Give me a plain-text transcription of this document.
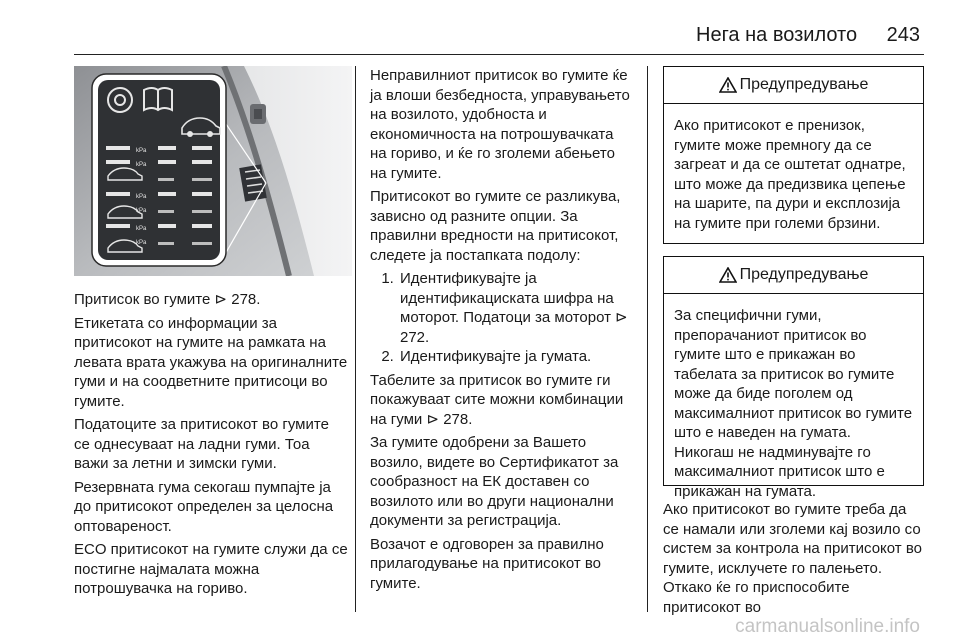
Нега на возилото 243
kPa
kPa
kPa
kPa
kPa
kPa

Притисок во гумите ⊳ 278.

Етикетата со информации за притисокот на гумите на рамката на левата врата укажува на оригиналните гуми и на соодветните притисоци во гумите.

Податоците за притисокот во гумите се однесуваат на ладни гуми. Тоа важи за летни и зимски гуми.

Резервната гума секогаш пумпајте ја до притисокот определен за целосна оптовареност.

ECO притисокот на гумите служи да се постигне најмалата можна потрошувачка на гориво.

Неправилниот притисок во гумите ќе ја влоши безбедноста, управувањето на возилото, удобноста и економичноста на потрошувачката на гориво, и ќе го зголеми абењето на гумите.

Притисокот во гумите се разликува, зависно од разните опции. За правилни вредности на притисокот, следете ја постапката подолу:

1. Идентификувајте ја идентификациската шифра на моторот. Податоци за моторот ⊳ 272.
2. Идентификувајте ја гумата.

Табелите за притисок во гумите ги покажуваат сите можни комбинации на гуми ⊳ 278.

За гумите одобрени за Вашето возило, видете во Сертификатот за сообразност на ЕК доставен со возилото или во други национални документи за регистрација.

Возачот е одговорен за правилно прилагодување на притисокот во гумите.

Предупредување
Ако притисокот е пренизок, гумите може премногу да се загреат и да се оштетат однатре, што може да предизвика цепење на шарите, па дури и експлозија на гумите при големи брзини.
Предупредување
За специфични гуми, препорачаниот притисок во гумите што е прикажан во табелата за притисок во гумите може да биде поголем од максималниот притисок во гумите што е наведен на гумата. Никогаш не надминувајте го максималниот притисок што е прикажан на гумата.

Ако притисокот во гумите треба да се намали или зголеми кај возило со систем за контрола на притисокот во гумите, исклучете го палењето. Откако ќе го приспособите притисокот во

carmanualsonline.info
